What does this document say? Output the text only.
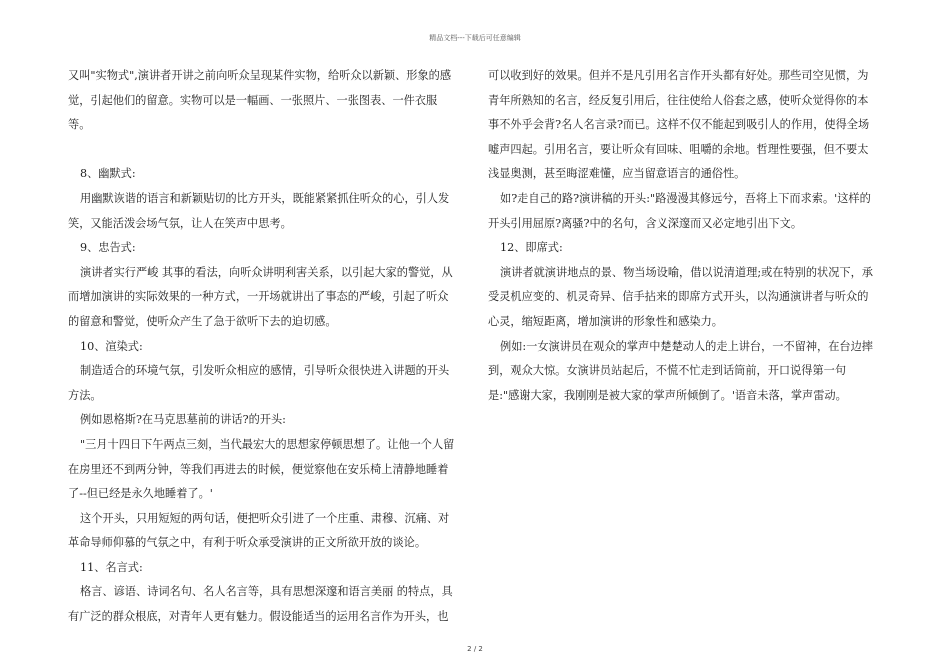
精品文档---下载后可任意编辑

又叫"实物式",演讲者开讲之前向听众呈现某件实物，给听众以新颖、形象的感觉，引起他们的留意。实物可以是一幅画、一张照片、一张图表、一件衣服等。

8、幽默式:

用幽默诙谐的语言和新颖贴切的比方开头，既能紧紧抓住听众的心，引人发笑，又能活泼会场气氛，让人在笑声中思考。

9、忠告式:

演讲者实行严峻 其事的看法，向听众讲明利害关系，以引起大家的警觉，从而增加演讲的实际效果的一种方式，一开场就讲出了事态的严峻，引起了听众的留意和警觉，使听众产生了急于欲听下去的迫切感。

10、渲染式:

制造适合的环境气氛，引发听众相应的感情，引导听众很快进入讲题的开头方法。

例如恩格斯?在马克思墓前的讲话?的开头:

"三月十四日下午两点三刻，当代最宏大的思想家停顿思想了。让他一个人留在房里还不到两分钟，等我们再进去的时候，便觉察他在安乐椅上清静地睡着了--但已经是永久地睡着了。'

这个开头，只用短短的两句话，便把听众引进了一个庄重、肃穆、沉痛、对革命导师仰慕的气氛之中，有利于听众承受演讲的正文所欲开放的谈论。

11、名言式:

格言、谚语、诗词名句、名人名言等，具有思想深邃和语言美丽 的特点，具有广泛的群众根底，对青年人更有魅力。假设能适当的运用名言作为开头，也

可以收到好的效果。但并不是凡引用名言作开头都有好处。那些司空见惯，为青年所熟知的名言，经反复引用后，往往使给人俗套之感，使听众觉得你的本事不外乎会背?名人名言录?而已。这样不仅不能起到吸引人的作用，使得全场嘘声四起。引用名言，要让听众有回味、咀嚼的余地。哲理性要强，但不要太浅显奥测，甚至晦涩难懂，应当留意语言的通俗性。

如?走自己的路?演讲稿的开头:"路漫漫其修远兮，吾将上下而求索。'这样的开头引用屈原?离骚?中的名句，含义深邃而又必定地引出下文。

12、即席式:

演讲者就演讲地点的景、物当场设喻，借以说清道理;或在特别的状况下，承受灵机应变的、机灵奇异、信手拈来的即席方式开头，以沟通演讲者与听众的心灵，缩短距离，增加演讲的形象性和感染力。

例如:一女演讲员在观众的掌声中楚楚动人的走上讲台，一不留神，在台边摔到，观众大惊。女演讲员站起后，不慌不忙走到话筒前，开口说得第一句是:"感谢大家，我刚刚是被大家的掌声所倾倒了。'语音未落，掌声雷动。

2 / 2
